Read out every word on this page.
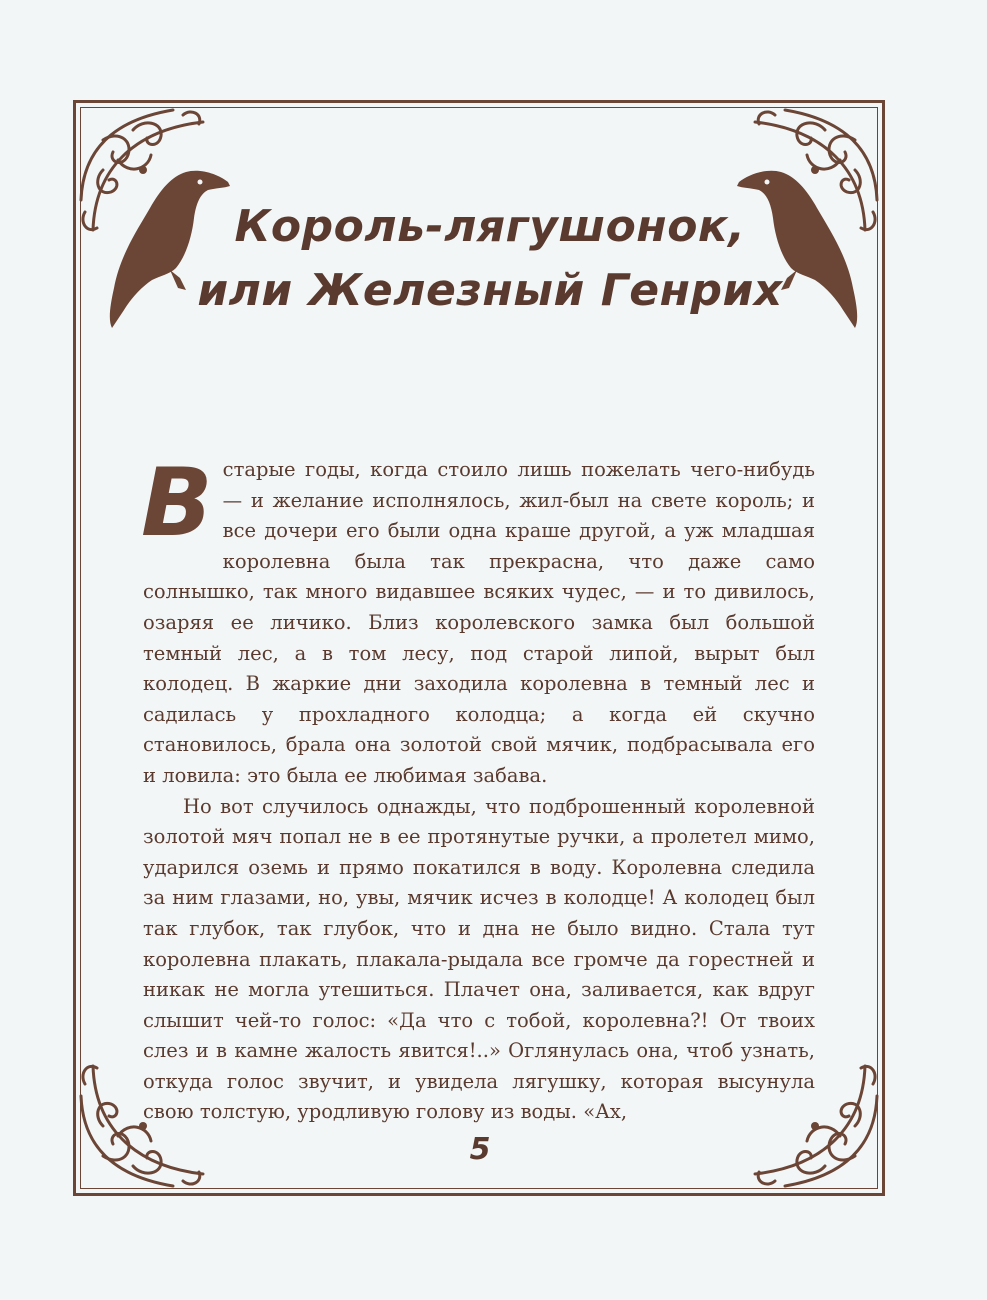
Король-лягушонок,
или Железный Генрих

В старые годы, когда стоило лишь пожелать чего-нибудь — и желание исполнялось, жил-был на свете король; и все дочери его были одна краше другой, а уж младшая королевна была так прекрасна, что даже само солнышко, так много видавшее всяких чудес, — и то дивилось, озаряя ее личико. Близ королевского замка был большой темный лес, а в том лесу, под старой липой, вырыт был колодец. В жаркие дни заходила королевна в темный лес и садилась у прохладного колодца; а когда ей скучно становилось, брала она золотой свой мячик, подбрасывала его и ловила: это была ее любимая забава.

Но вот случилось однажды, что подброшенный королевной золотой мяч попал не в ее протянутые ручки, а пролетел мимо, ударился оземь и прямо покатился в воду. Королевна следила за ним глазами, но, увы, мячик исчез в колодце! А колодец был так глубок, так глубок, что и дна не было видно. Стала тут королевна плакать, плакала-рыдала все громче да горестней и никак не могла утешиться. Плачет она, заливается, как вдруг слышит чей-то голос: «Да что с тобой, королевна?! От твоих слез и в камне жалость явится!..» Оглянулась она, чтоб узнать, откуда голос звучит, и увидела лягушку, которая высунула свою толстую, уродливую голову из воды. «Ах,

5
